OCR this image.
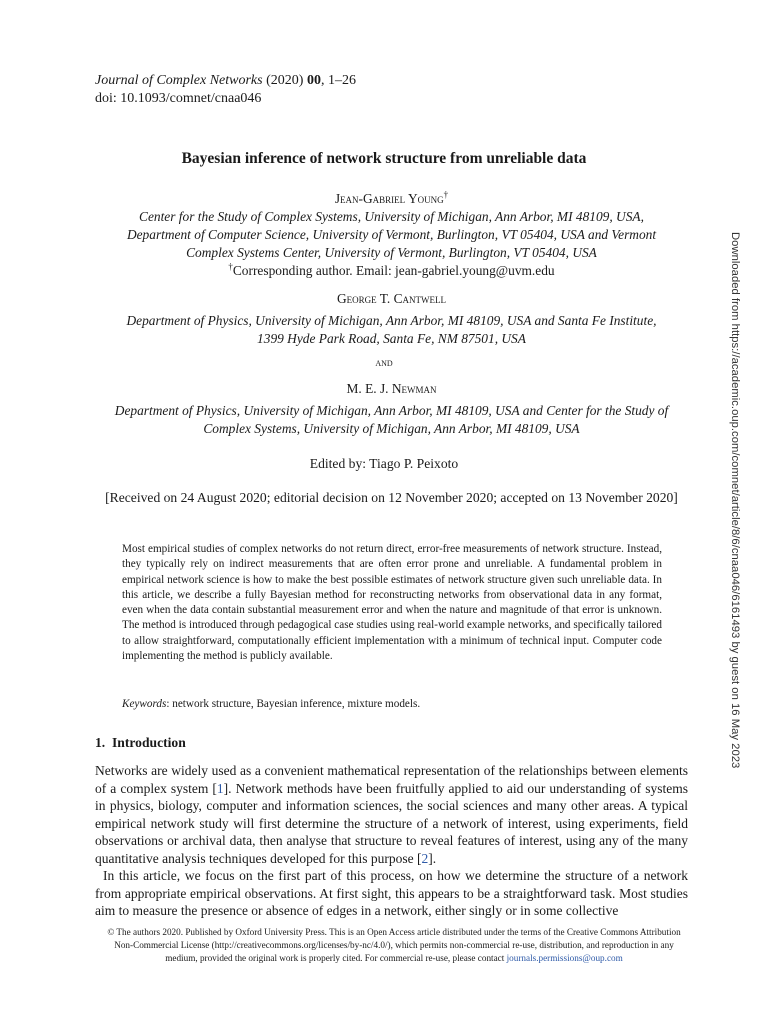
Journal of Complex Networks (2020) 00, 1–26
doi: 10.1093/comnet/cnaa046
Bayesian inference of network structure from unreliable data
Jean-Gabriel Young†
Center for the Study of Complex Systems, University of Michigan, Ann Arbor, MI 48109, USA,
Department of Computer Science, University of Vermont, Burlington, VT 05404, USA and Vermont
Complex Systems Center, University of Vermont, Burlington, VT 05404, USA
†Corresponding author. Email: jean-gabriel.young@uvm.edu
George T. Cantwell
Department of Physics, University of Michigan, Ann Arbor, MI 48109, USA and Santa Fe Institute,
1399 Hyde Park Road, Santa Fe, NM 87501, USA
and
M. E. J. Newman
Department of Physics, University of Michigan, Ann Arbor, MI 48109, USA and Center for the Study of
Complex Systems, University of Michigan, Ann Arbor, MI 48109, USA
Edited by: Tiago P. Peixoto
[Received on 24 August 2020; editorial decision on 12 November 2020; accepted on 13 November 2020]
Most empirical studies of complex networks do not return direct, error-free measurements of network structure. Instead, they typically rely on indirect measurements that are often error prone and unreliable. A fundamental problem in empirical network science is how to make the best possible estimates of network structure given such unreliable data. In this article, we describe a fully Bayesian method for reconstructing networks from observational data in any format, even when the data contain substantial measurement error and when the nature and magnitude of that error is unknown. The method is introduced through pedagogical case studies using real-world example networks, and specifically tailored to allow straightforward, computationally efficient implementation with a minimum of technical input. Computer code implementing the method is publicly available.
Keywords: network structure, Bayesian inference, mixture models.
1. Introduction
Networks are widely used as a convenient mathematical representation of the relationships between elements of a complex system [1]. Network methods have been fruitfully applied to aid our understanding of systems in physics, biology, computer and information sciences, the social sciences and many other areas. A typical empirical network study will first determine the structure of a network of interest, using experiments, field observations or archival data, then analyse that structure to reveal features of interest, using any of the many quantitative analysis techniques developed for this purpose [2].
In this article, we focus on the first part of this process, on how we determine the structure of a network from appropriate empirical observations. At first sight, this appears to be a straightforward task. Most studies aim to measure the presence or absence of edges in a network, either singly or in some collective
© The authors 2020. Published by Oxford University Press. This is an Open Access article distributed under the terms of the Creative Commons Attribution Non-Commercial License (http://creativecommons.org/licenses/by-nc/4.0/), which permits non-commercial re-use, distribution, and reproduction in any medium, provided the original work is properly cited. For commercial re-use, please contact journals.permissions@oup.com
Downloaded from https://academic.oup.com/comnet/article/8/6/cnaa046/6161493 by guest on 16 May 2023
